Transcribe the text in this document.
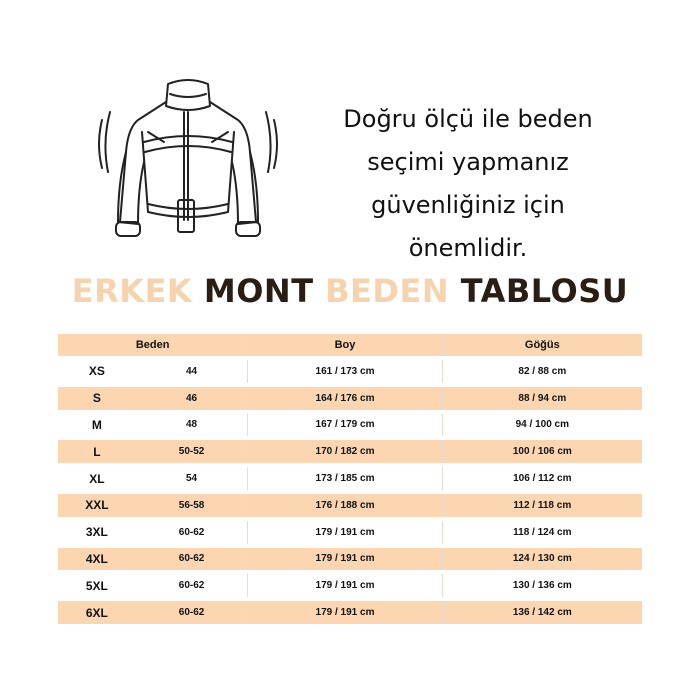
Doğru ölçü ile beden
seçimi yapmanız
güvenliğiniz için
önemlidir.
ERKEK MONT BEDEN TABLOSU
Beden		Boy	Göğüs
XS	44	161 / 173 cm	82 / 88 cm
S	46	164 / 176 cm	88 / 94 cm
M	48	167 / 179 cm	94 / 100 cm
L	50-52	170 / 182 cm	100 / 106 cm
XL	54	173 / 185 cm	106 / 112 cm
XXL	56-58	176 / 188 cm	112 / 118 cm
3XL	60-62	179 / 191 cm	118 / 124 cm
4XL	60-62	179 / 191 cm	124 / 130 cm
5XL	60-62	179 / 191 cm	130 / 136 cm
6XL	60-62	179 / 191 cm	136 / 142 cm
